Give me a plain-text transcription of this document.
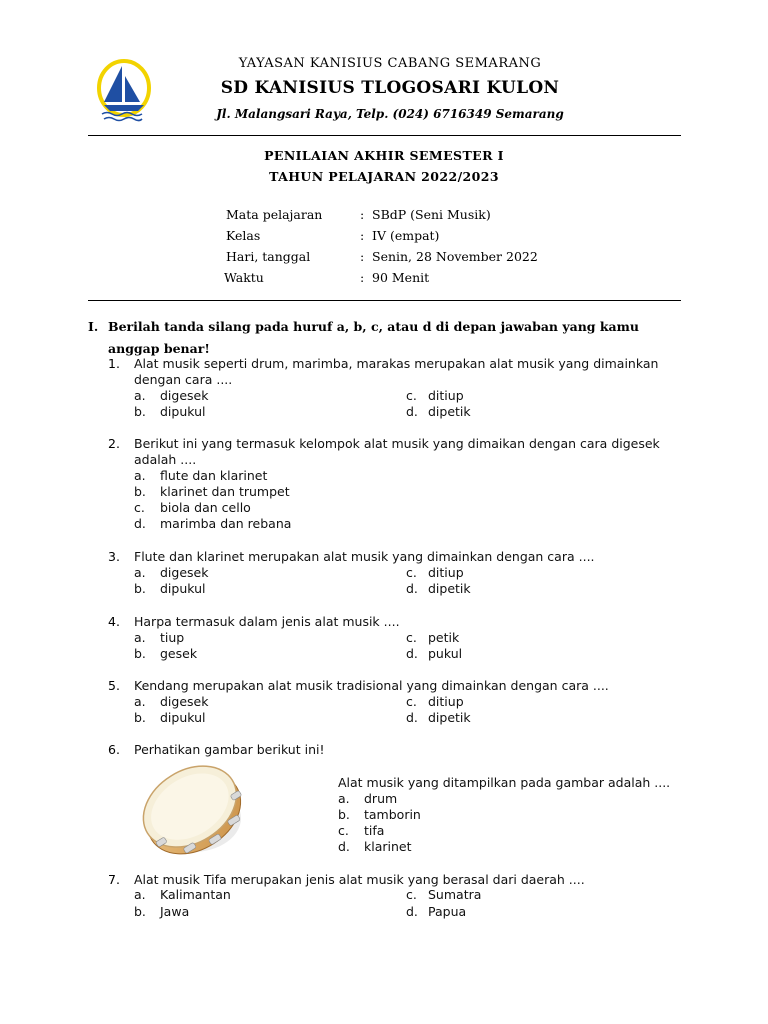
YAYASAN KANISIUS CABANG SEMARANG
SD KANISIUS TLOGOSARI KULON
Jl. Malangsari Raya, Telp. (024) 6716349 Semarang
PENILAIAN AKHIR SEMESTER I
TAHUN PELAJARAN 2022/2023
Mata pelajaran	: SBdP (Seni Musik)
Kelas	: IV (empat)
Hari, tanggal	: Senin, 28 November 2022
Waktu	: 90 Menit
I. Berilah tanda silang pada huruf a, b, c, atau d di depan jawaban yang kamu anggap benar!
1. Alat musik seperti drum, marimba, marakas merupakan alat musik yang dimainkan
dengan cara ....
a. digesek	c. ditiup
b. dipukul	d. dipetik
2. Berikut ini yang termasuk kelompok alat musik yang dimaikan dengan cara digesek
adalah ....
a. flute dan klarinet
b. klarinet dan trumpet
c. biola dan cello
d. marimba dan rebana
3. Flute dan klarinet merupakan alat musik yang dimainkan dengan cara ....
a. digesek	c. ditiup
b. dipukul	d. dipetik
4. Harpa termasuk dalam jenis alat musik ....
a. tiup	c. petik
b. gesek	d. pukul
5. Kendang merupakan alat musik tradisional yang dimainkan dengan cara ....
a. digesek	c. ditiup
b. dipukul	d. dipetik
6. Perhatikan gambar berikut ini!
Alat musik yang ditampilkan pada gambar adalah ....
a. drum
b. tamborin
c. tifa
d. klarinet
7. Alat musik Tifa merupakan jenis alat musik yang berasal dari daerah ....
a. Kalimantan	c. Sumatra
b. Jawa	d. Papua
